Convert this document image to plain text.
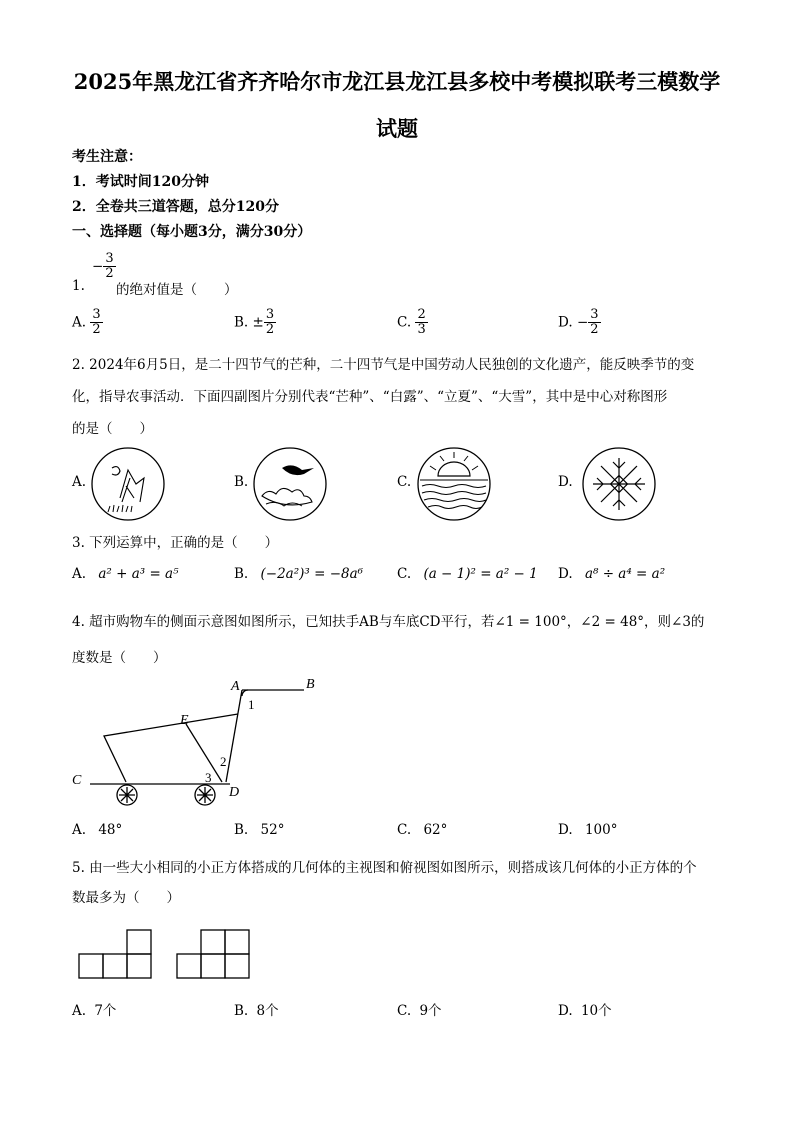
2025年黑龙江省齐齐哈尔市龙江县龙江县多校中考模拟联考三模数学
试题
考生注意：
1．考试时间120分钟
2．全卷共三道答题，总分120分
一、选择题（每小题3分，满分30分）
1.
− $\frac{3}{2}$
的绝对值是（　　）
A. $\frac{3}{2}$	B. ± $\frac{3}{2}$	C. $\frac{2}{3}$	D. − $\frac{3}{2}$
2. 2024年6月5日，是二十四节气的芒种，二十四节气是中国劳动人民独创的文化遗产，能反映季节的变
化，指导农事活动．下面四副图片分别代表“芒种”、“白露”、“立夏”、“大雪”，其中是中心对称图形
的是（　　）
A.	B.	C.	D.
3. 下列运算中，正确的是（　　）
A. a² + a³ = a⁵	B. (−2a²)³ = −8a⁶	C. (a − 1)² = a² − 1 D. a⁸ ÷ a⁴ = a²
4. 超市购物车的侧面示意图如图所示，已知扶手AB与车底CD平行，若∠1 = 100°，∠2 = 48°，则∠3的
度数是（　　）
A	B
C
D
E
1
2
3
A. 48°	B. 52°	C. 62°	D. 100°
5. 由一些大小相同的小正方体搭成的几何体的主视图和俯视图如图所示，则搭成该几何体的小正方体的个
数最多为（　　）
A. 7个	B. 8个	C. 9个	D. 10个
